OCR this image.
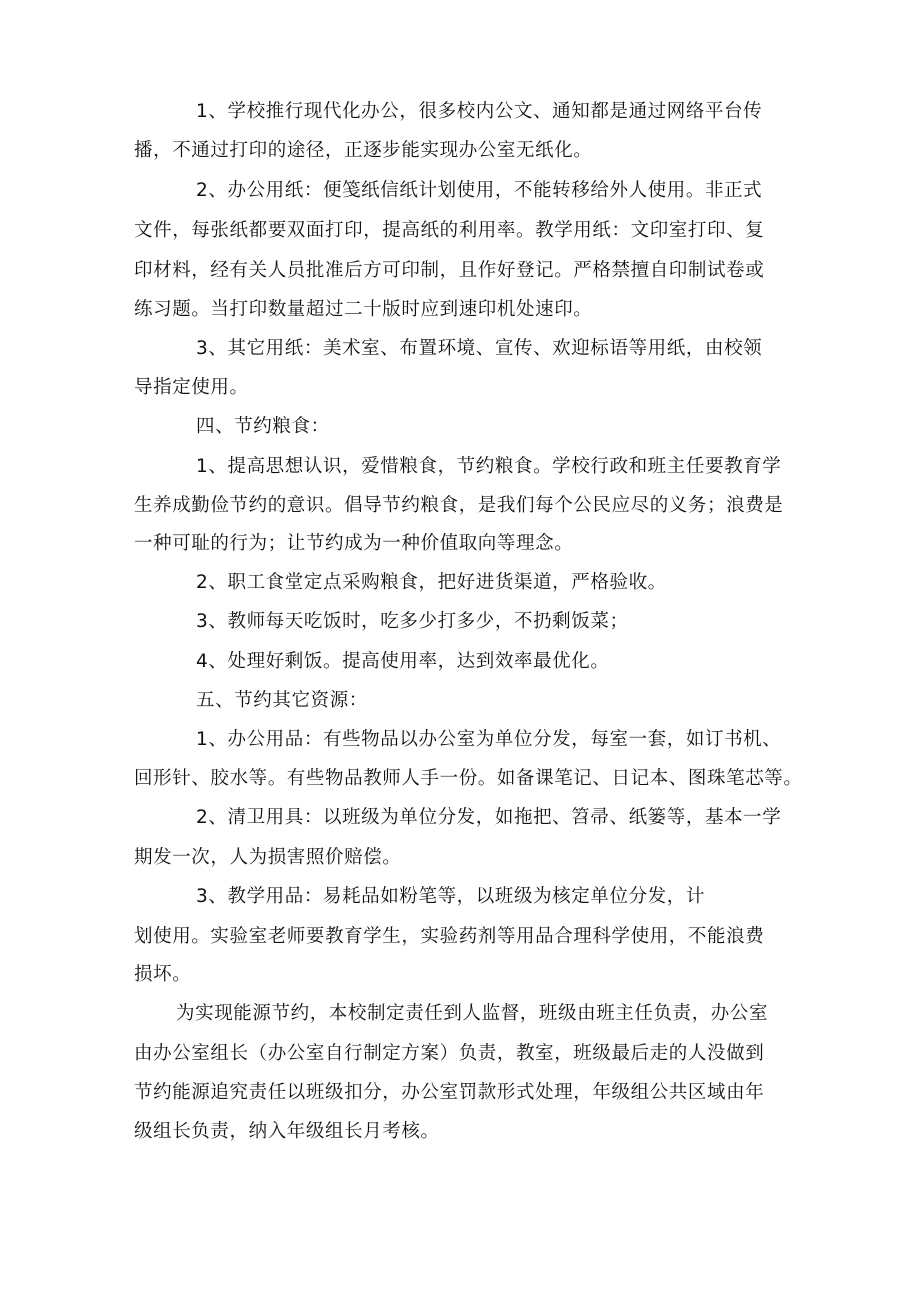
1、学校推行现代化办公，很多校内公文、通知都是通过网络平台传
播，不通过打印的途径，正逐步能实现办公室无纸化。
2、办公用纸：便笺纸信纸计划使用，不能转移给外人使用。非正式
文件，每张纸都要双面打印，提高纸的利用率。教学用纸：文印室打印、复
印材料，经有关人员批准后方可印制，且作好登记。严格禁擅自印制试卷或
练习题。当打印数量超过二十版时应到速印机处速印。
3、其它用纸：美术室、布置环境、宣传、欢迎标语等用纸，由校领
导指定使用。
四、节约粮食：
1、提高思想认识，爱惜粮食，节约粮食。学校行政和班主任要教育学
生养成勤俭节约的意识。倡导节约粮食，是我们每个公民应尽的义务；浪费是
一种可耻的行为；让节约成为一种价值取向等理念。
2、职工食堂定点采购粮食，把好进货渠道，严格验收。
3、教师每天吃饭时，吃多少打多少，不扔剩饭菜；
4、处理好剩饭。提高使用率，达到效率最优化。
五、节约其它资源：
1、办公用品：有些物品以办公室为单位分发，每室一套，如订书机、
回形针、胶水等。有些物品教师人手一份。如备课笔记、日记本、图珠笔芯等。
2、清卫用具：以班级为单位分发，如拖把、笤帚、纸篓等，基本一学
期发一次，人为损害照价赔偿。
3、教学用品：易耗品如粉笔等，以班级为核定单位分发，计
划使用。实验室老师要教育学生，实验药剂等用品合理科学使用，不能浪费
损坏。
为实现能源节约，本校制定责任到人监督，班级由班主任负责，办公室
由办公室组长（办公室自行制定方案）负责，教室，班级最后走的人没做到
节约能源追究责任以班级扣分，办公室罚款形式处理，年级组公共区域由年
级组长负责，纳入年级组长月考核。
